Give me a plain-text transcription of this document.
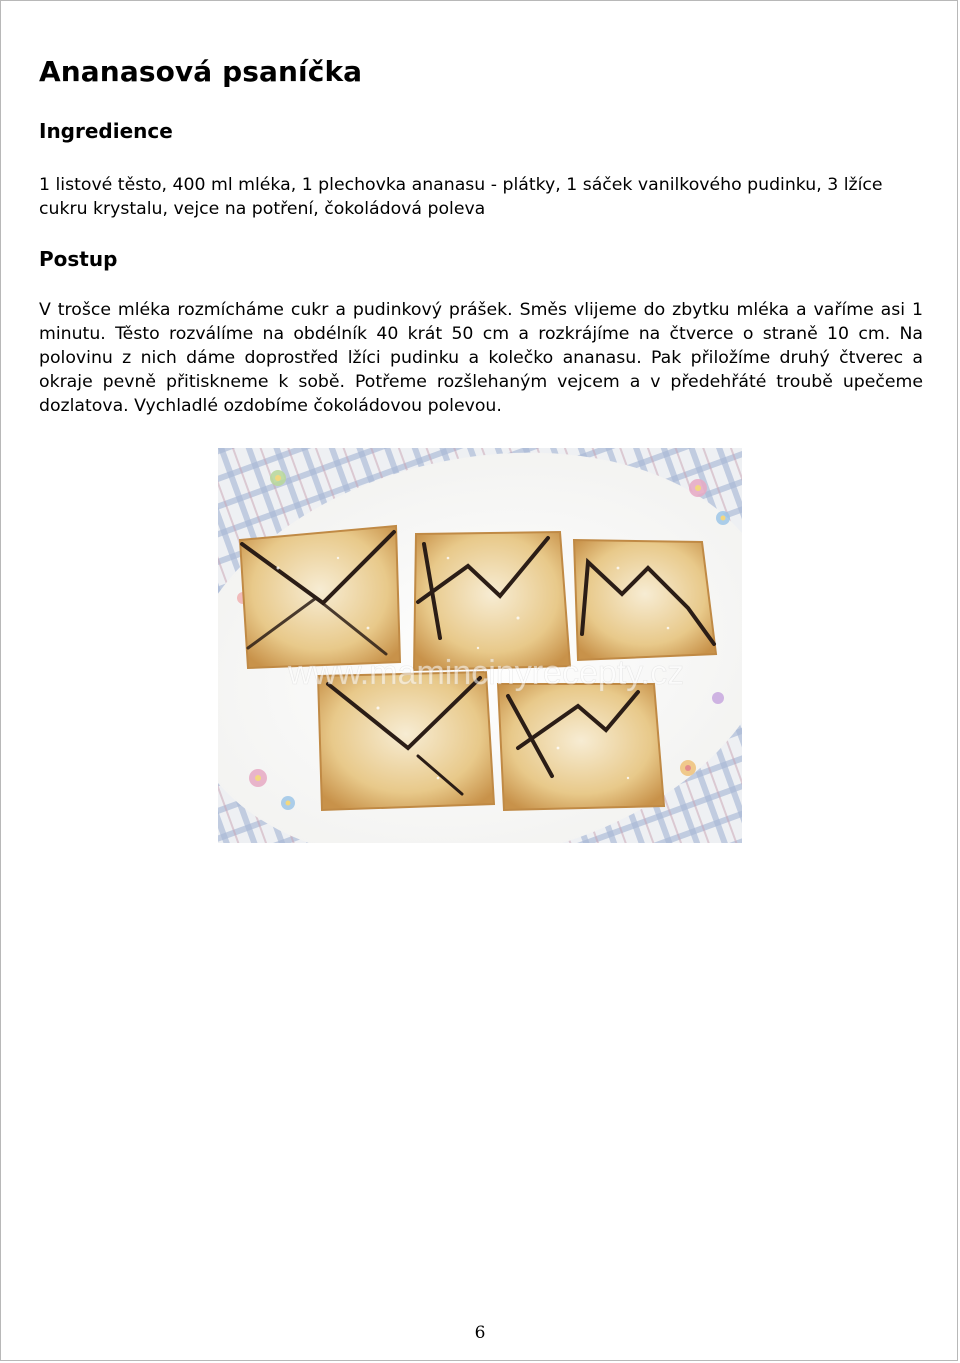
Ananasová psaníčka
Ingredience

1 listové těsto, 400 ml mléka, 1 plechovka ananasu - plátky, 1 sáček vanilkového pudinku, 3 lžíce cukru krystalu, vejce na potření, čokoládová poleva

Postup

V trošce mléka rozmícháme cukr a pudinkový prášek. Směs vlijeme do zbytku mléka a vaříme asi 1 minutu. Těsto rozválíme na obdélník 40 krát 50 cm a rozkrájíme na čtverce o straně 10 cm. Na polovinu z nich dáme doprostřed lžíci pudinku a kolečko ananasu. Pak přiložíme druhý čtverec a okraje pevně přitiskneme k sobě. Potřeme rozšlehaným vejcem a v předehřáté troubě upečeme dozlatova. Vychladlé ozdobíme čokoládovou polevou.

www.mamincinyrecepty.cz
6
